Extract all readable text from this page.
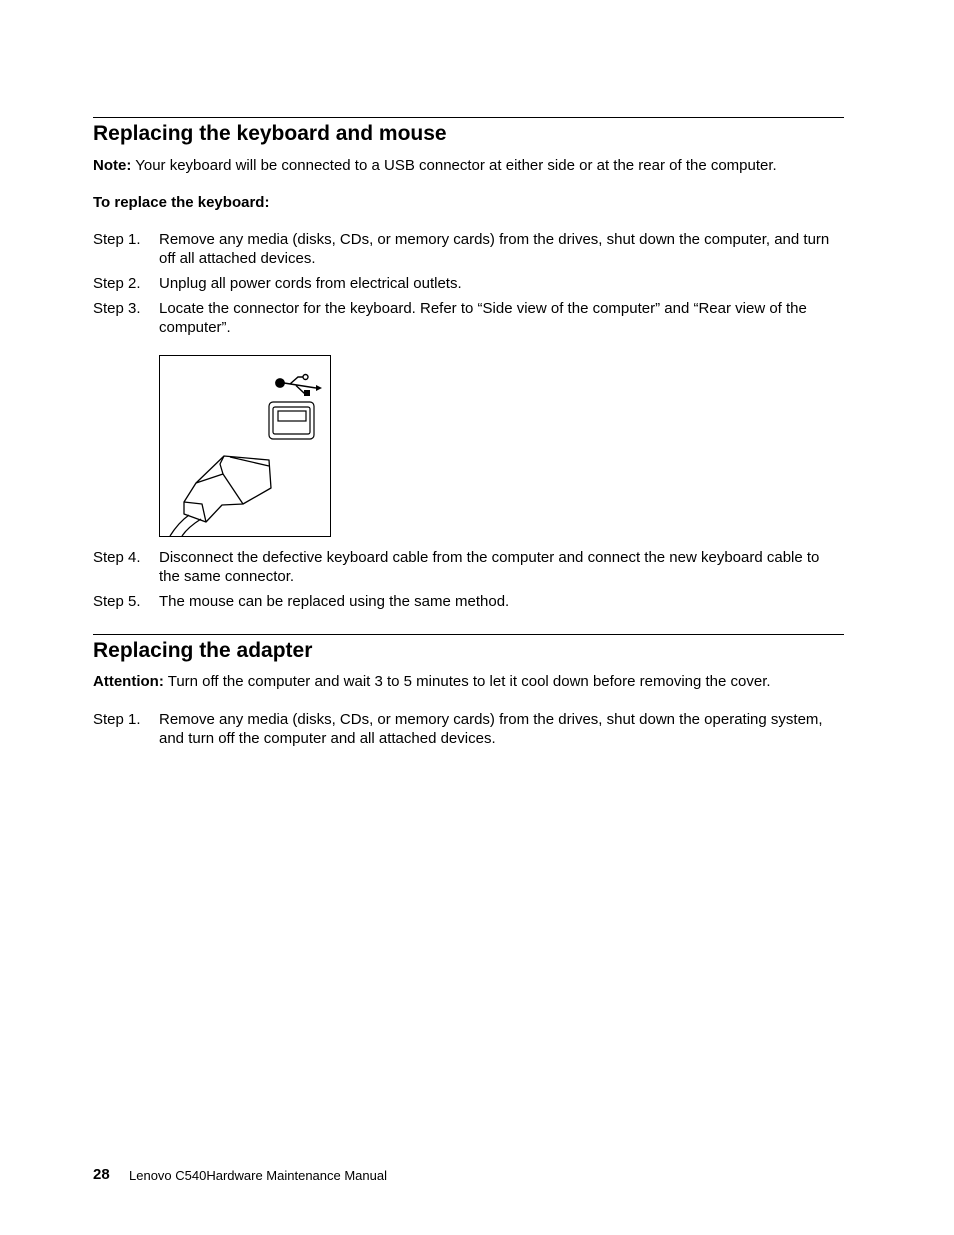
Replacing the keyboard and mouse

Note: Your keyboard will be connected to a USB connector at either side or at the rear of the computer.

To replace the keyboard:

Step 1.	Remove any media (disks, CDs, or memory cards) from the drives, shut down the computer, and turn off all attached devices.
Step 2.	Unplug all power cords from electrical outlets.
Step 3.	Locate the connector for the keyboard. Refer to “Side view of the computer” and “Rear view of the computer”.
Step 4.	Disconnect the defective keyboard cable from the computer and connect the new keyboard cable to the same connector.
Step 5.	The mouse can be replaced using the same method.
Replacing the adapter

Attention: Turn off the computer and wait 3 to 5 minutes to let it cool down before removing the cover.

Step 1.	Remove any media (disks, CDs, or memory cards) from the drives, shut down the operating system, and turn off the computer and all attached devices.
28 Lenovo C540Hardware Maintenance Manual
